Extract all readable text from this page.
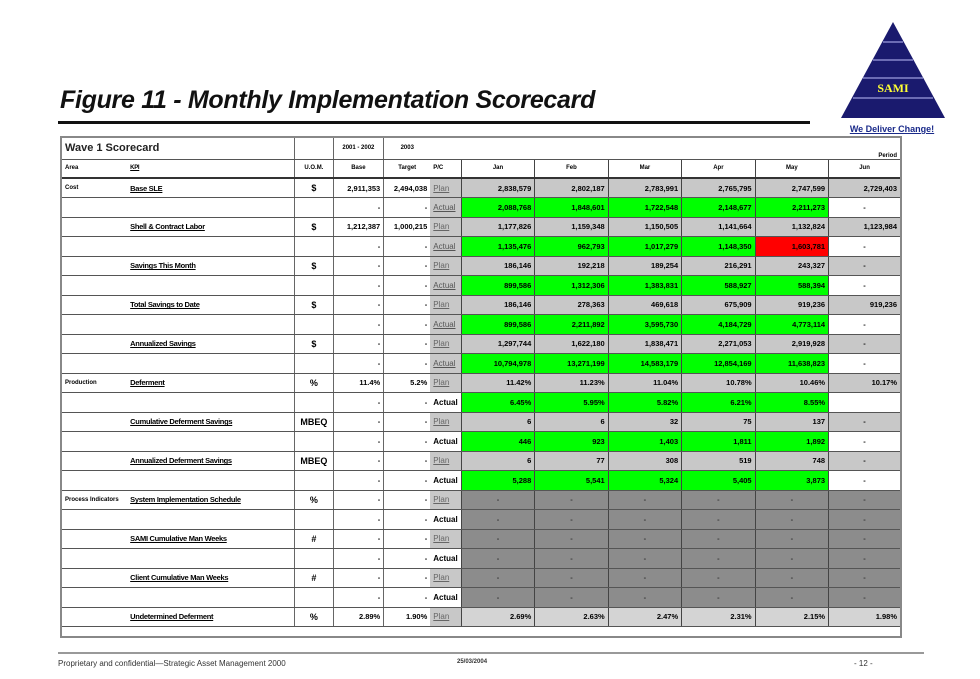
Figure 11 - Monthly Implementation Scorecard	SAMI
We Deliver Change!
Wave 1 Scorecard			2001 - 2002	2003							Period
Area	KPI	U.O.M.	Base	Target	P/C	Jan	Feb	Mar	Apr	May	Jun
Cost	Base SLE	$	2,911,353	2,494,038	Plan	2,838,579	2,802,187	2,783,991	2,765,795	2,747,599	2,729,403
			-	-	Actual	2,088,768	1,848,601	1,722,548	2,148,677	2,211,273	-
	Shell & Contract Labor	$	1,212,387	1,000,215	Plan	1,177,826	1,159,348	1,150,505	1,141,664	1,132,824	1,123,984
			-	-	Actual	1,135,476	962,793	1,017,279	1,148,350	1,603,781	-
	Savings This Month	$	-	-	Plan	186,146	192,218	189,254	216,291	243,327	-
			-	-	Actual	899,586	1,312,306	1,383,831	588,927	588,394	-
	Total Savings to Date	$	-	-	Plan	186,146	278,363	469,618	675,909	919,236	919,236
			-	-	Actual	899,586	2,211,892	3,595,730	4,184,729	4,773,114	-
	Annualized Savings	$	-	-	Plan	1,297,744	1,622,180	1,838,471	2,271,053	2,919,928	-
			-	-	Actual	10,794,978	13,271,199	14,583,179	12,854,169	11,638,823	-
Production	Deferment	%	11.4%	5.2%	Plan	11.42%	11.23%	11.04%	10.78%	10.46%	10.17%
			-	-	Actual	6.45%	5.95%	5.82%	6.21%	8.55%	
	Cumulative Deferment Savings	MBEQ	-	-	Plan	6	6	32	75	137	-
			-	-	Actual	446	923	1,403	1,811	1,892	-
	Annualized Deferment Savings	MBEQ	-	-	Plan	6	77	308	519	748	-
			-	-	Actual	5,288	5,541	5,324	5,405	3,873	-
Process Indicators	System Implementation Schedule	%	-	-	Plan	-	-	-	-	-	-
			-	-	Actual	-	-	-	-	-	-
	SAMI Cumulative Man Weeks	#	-	-	Plan	-	-	-	-	-	-
			-	-	Actual	-	-	-	-	-	-
	Client Cumulative Man Weeks	#	-	-	Plan	-	-	-	-	-	-
			-	-	Actual	-	-	-	-	-	-
	Undetermined Deferment	%	2.89%	1.90%	Plan	2.69%	2.63%	2.47%	2.31%	2.15%	1.98%
Proprietary and confidential—Strategic Asset Management 2000	25/03/2004	- 12 -
